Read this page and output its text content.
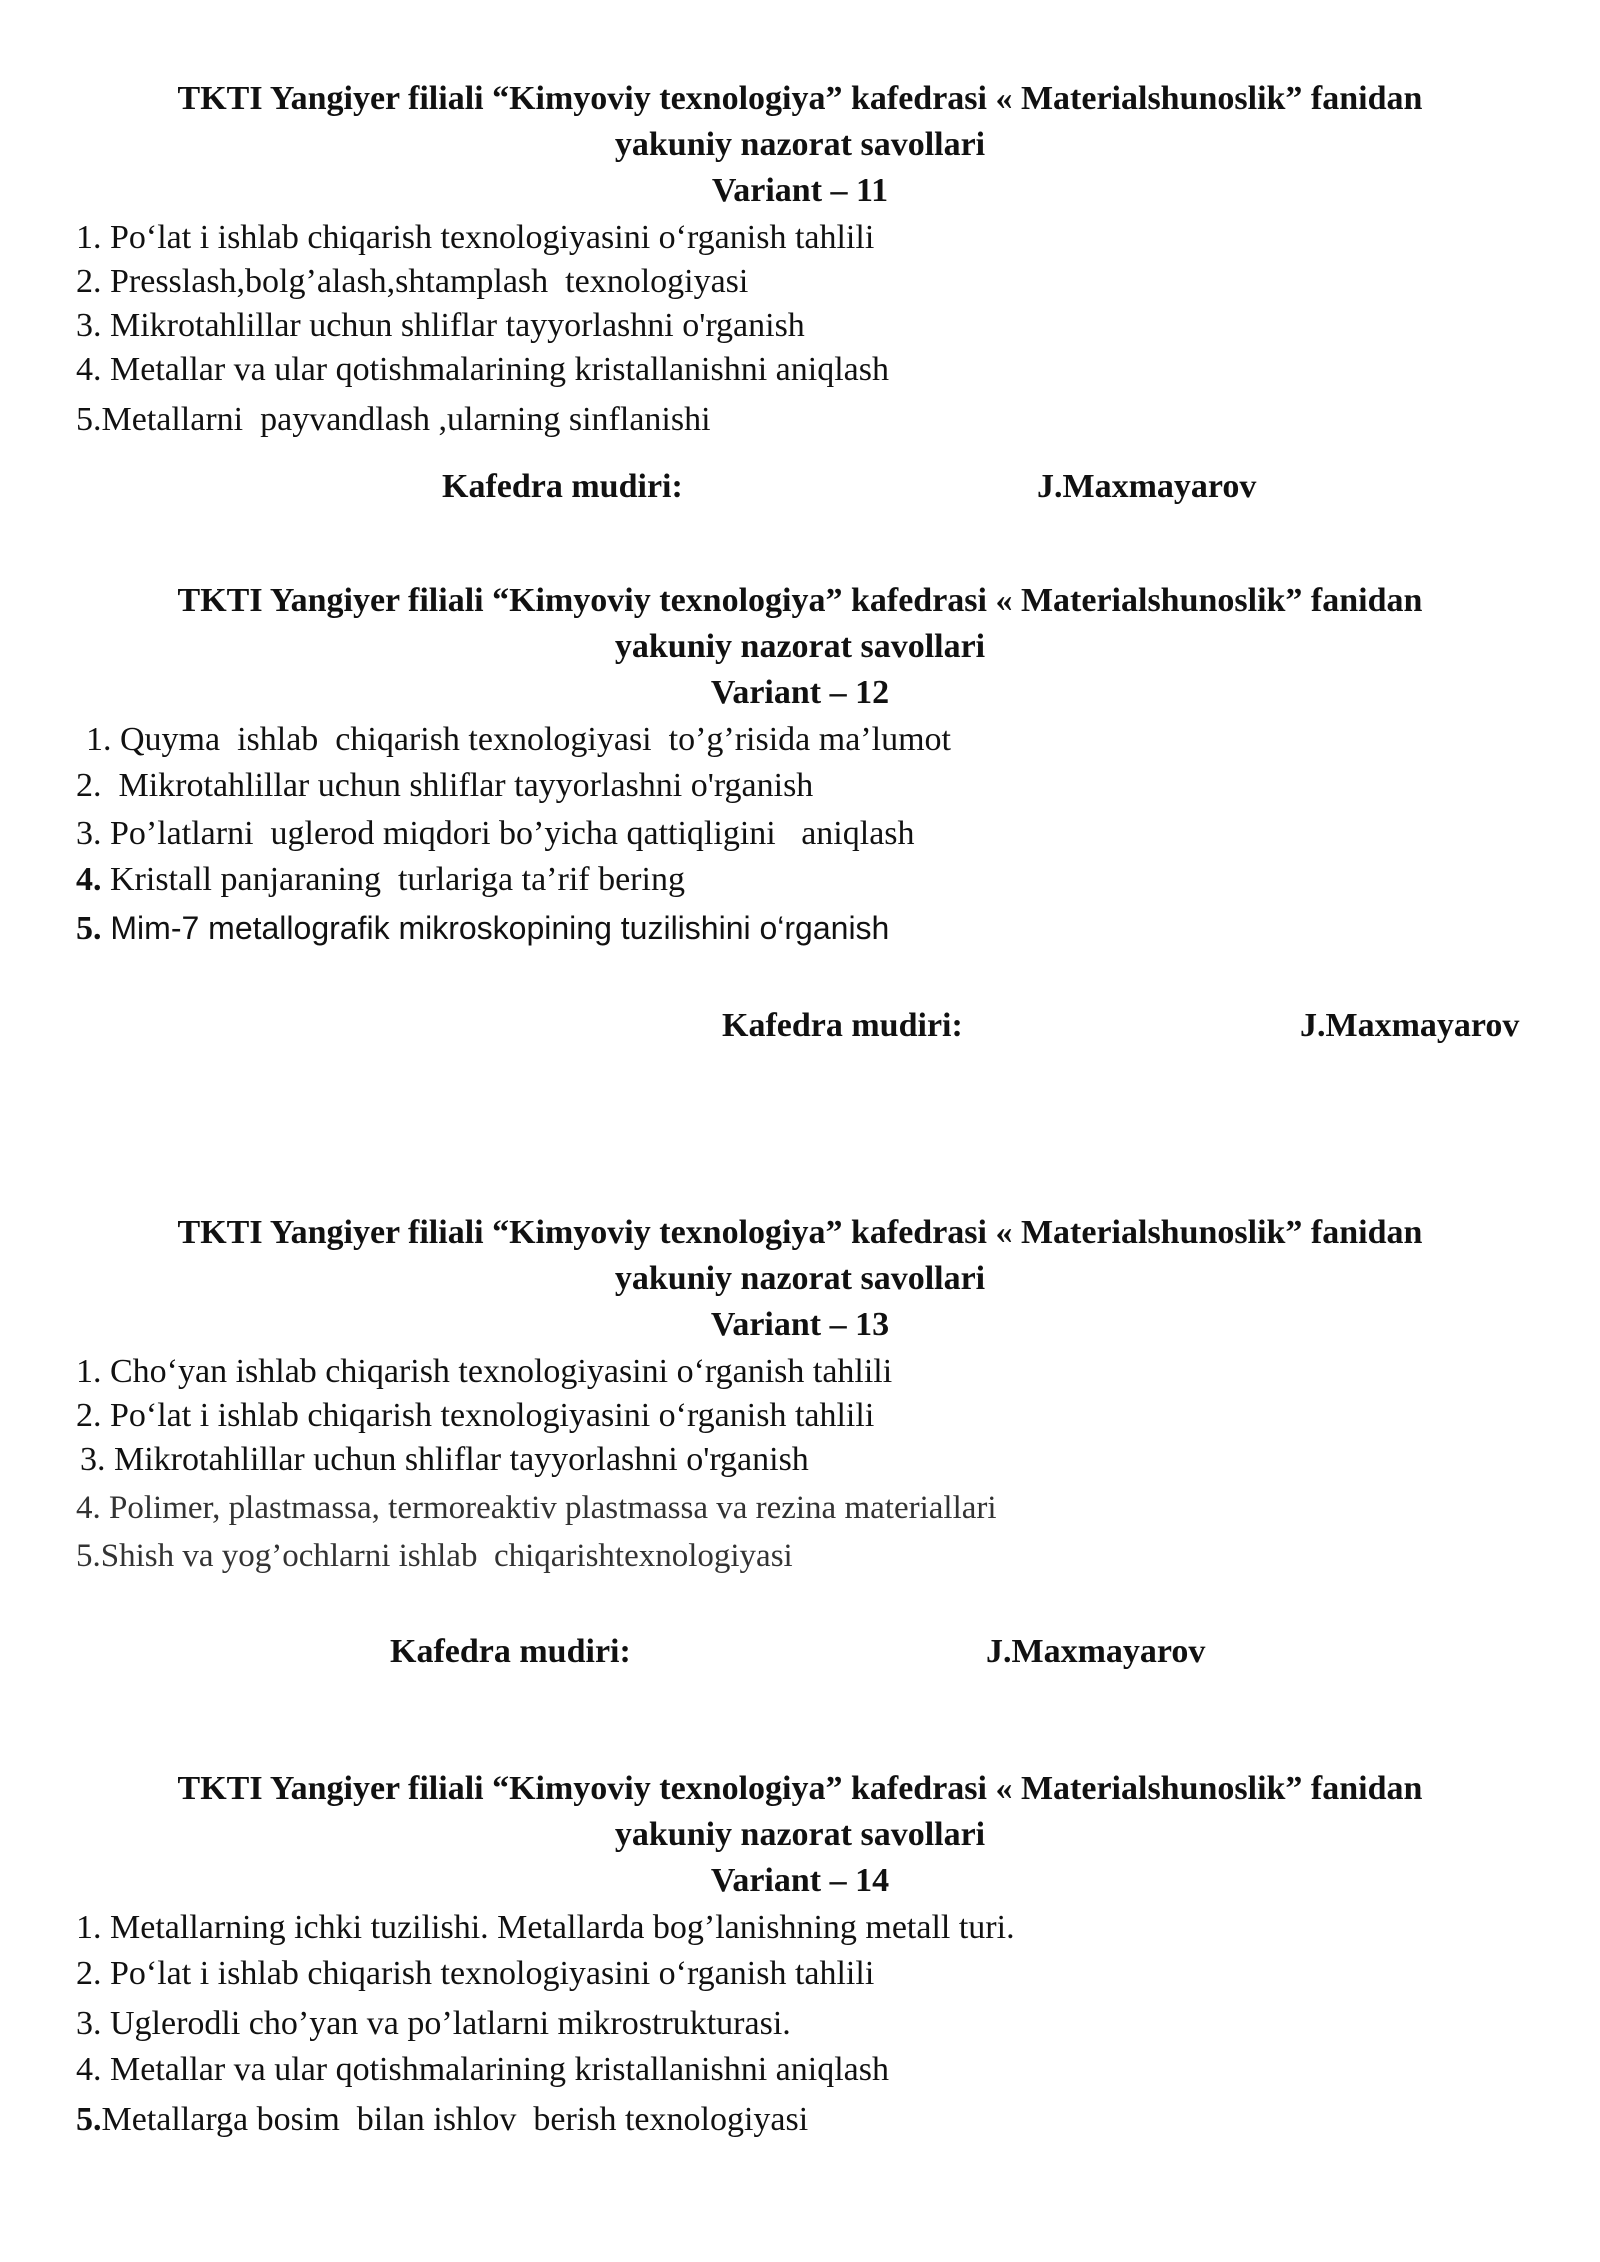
TKTI Yangiyer filiali “Kimyoviy texnologiya” kafedrasi « Materialshunoslik” fanidan
yakuniy nazorat savollari
Variant – 11
1. Po‘lat i ishlab chiqarish texnologiyasini o‘rganish tahlili
2. Presslash,bolg’alash,shtamplash  texnologiyasi
3. Mikrotahlillar uchun shliflar tayyorlashni o'rganish
4. Metallar va ular qotishmalarining kristallanishni aniqlash
5.Metallarni  payvandlash ,ularning sinflanishi
Kafedra mudiri:	J.Maxmayarov
TKTI Yangiyer filiali “Kimyoviy texnologiya” kafedrasi « Materialshunoslik” fanidan
yakuniy nazorat savollari
Variant – 12
1. Quyma  ishlab  chiqarish texnologiyasi  to’g’risida ma’lumot
2.  Mikrotahlillar uchun shliflar tayyorlashni o'rganish
3. Po’latlarni  uglerod miqdori bo’yicha qattiqligini   aniqlash
4. Kristall panjaraning  turlariga ta’rif bering
5. Mim-7 metallografik mikroskopining tuzilishini o‘rganish
Kafedra mudiri:	J.Maxmayarov
TKTI Yangiyer filiali “Kimyoviy texnologiya” kafedrasi « Materialshunoslik” fanidan
yakuniy nazorat savollari
Variant – 13
1. Cho‘yan ishlab chiqarish texnologiyasini o‘rganish tahlili
2. Po‘lat i ishlab chiqarish texnologiyasini o‘rganish tahlili
3. Mikrotahlillar uchun shliflar tayyorlashni o'rganish
4. Polimer, plastmassa, termoreaktiv plastmassa va rezina materiallari
5.Shish va yog’ochlarni ishlab  chiqarishtexnologiyasi
Kafedra mudiri:	J.Maxmayarov
TKTI Yangiyer filiali “Kimyoviy texnologiya” kafedrasi « Materialshunoslik” fanidan
yakuniy nazorat savollari
Variant – 14
1. Metallarning ichki tuzilishi. Metallarda bog’lanishning metall turi.
2. Po‘lat i ishlab chiqarish texnologiyasini o‘rganish tahlili
3. Uglerodli cho’yan va po’latlarni mikrostrukturasi.
4. Metallar va ular qotishmalarining kristallanishni aniqlash
5.Metallarga bosim  bilan ishlov  berish texnologiyasi
